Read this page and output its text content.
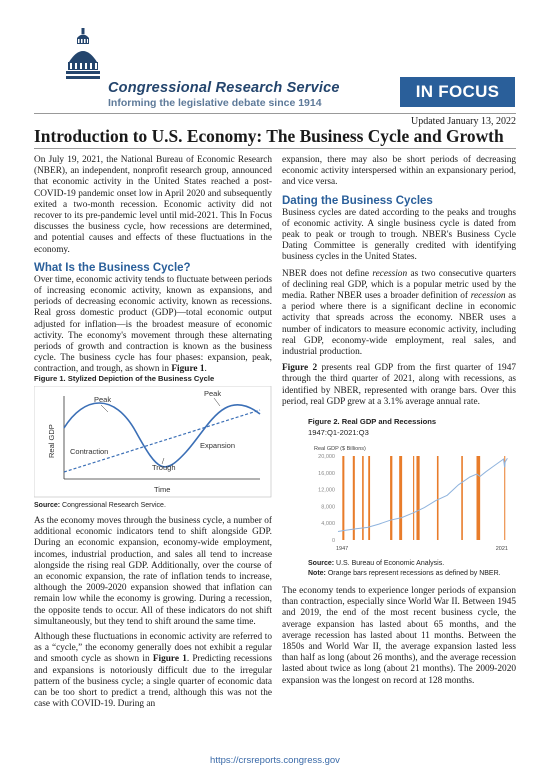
Congressional Research Service
Informing the legislative debate since 1914
IN FOCUS
Updated January 13, 2022
Introduction to U.S. Economy: The Business Cycle and Growth

On July 19, 2021, the National Bureau of Economic Research (NBER), an independent, nonprofit research group, announced that economic activity in the United States reached a post-COVID-19 pandemic onset low in April 2020 and subsequently exited a two-month recession. Economic activity did not recover to its pre-pandemic level until mid-2021. This In Focus discusses the business cycle, how recessions are determined, and potential causes and effects of these fluctuations in the economy.

What Is the Business Cycle?

Over time, economic activity tends to fluctuate between periods of increasing economic activity, known as expansions, and periods of decreasing economic activity, known as recessions. Real gross domestic product (GDP)—total economic output adjusted for inflation—is the broadest measure of economic activity. The economy's movement through these alternating periods of growth and contraction is known as the business cycle. The business cycle has four phases: expansion, peak, contraction, and trough, as shown in Figure 1.

Figure 1. Stylized Depiction of the Business Cycle
Peak
Peak
Expansion
Contraction
Trough
Real GDP
Time
Source: Congressional Research Service.

As the economy moves through the business cycle, a number of additional economic indicators tend to shift alongside GDP. During an economic expansion, economy-wide employment, incomes, industrial production, and sales all tend to increase alongside the rising real GDP. Additionally, over the course of an economic expansion, the rate of inflation tends to increase, although the 2009-2020 expansion showed that inflation can remain low while the economy is growing. During a recession, the opposite tends to occur. All of these indicators do not shift simultaneously, but they tend to shift around the same time.

Although these fluctuations in economic activity are referred to as a “cycle,” the economy generally does not exhibit a regular and smooth cycle as shown in Figure 1. Predicting recessions and expansions is notoriously difficult due to the irregular pattern of the business cycle; a single quarter of economic data can be too short to predict a trend, although this was not the case with COVID-19. During an

expansion, there may also be short periods of decreasing economic activity interspersed within an expansionary period, and vice versa.

Dating the Business Cycles

Business cycles are dated according to the peaks and troughs of economic activity. A single business cycle is dated from peak to peak or trough to trough. NBER's Business Cycle Dating Committee is generally credited with identifying business cycles in the United States.

NBER does not define recession as two consecutive quarters of declining real GDP, which is a popular metric used by the media. Rather NBER uses a broader definition of recession as a period where there is a significant decline in economic activity that spreads across the economy. NBER uses a number of indicators to measure economic activity, including real GDP, economy-wide employment, real sales, and industrial production.

Figure 2 presents real GDP from the first quarter of 1947 through the third quarter of 2021, along with recessions, as identified by NBER, represented with orange bars. Over this period, real GDP grew at a 3.1% average annual rate.

Figure 2. Real GDP and Recessions
1947:Q1-2021:Q3
Real GDP ($ Billions)
20,000
16,000
12,000
8,000
4,000
0
1947	2021
Source: U.S. Bureau of Economic Analysis.
Note: Orange bars represent recessions as defined by NBER.

The economy tends to experience longer periods of expansion than contraction, especially since World War II. Between 1945 and 2019, the end of the most recent business cycle, the average expansion has lasted about 65 months, and the average recession has lasted about 11 months. Between the 1850s and World War II, the average expansion lasted less than half as long (about 26 months), and the average recession lasted about twice as long (about 21 months). The 2009-2020 expansion was the longest on record at 128 months.

https://crsreports.congress.gov
